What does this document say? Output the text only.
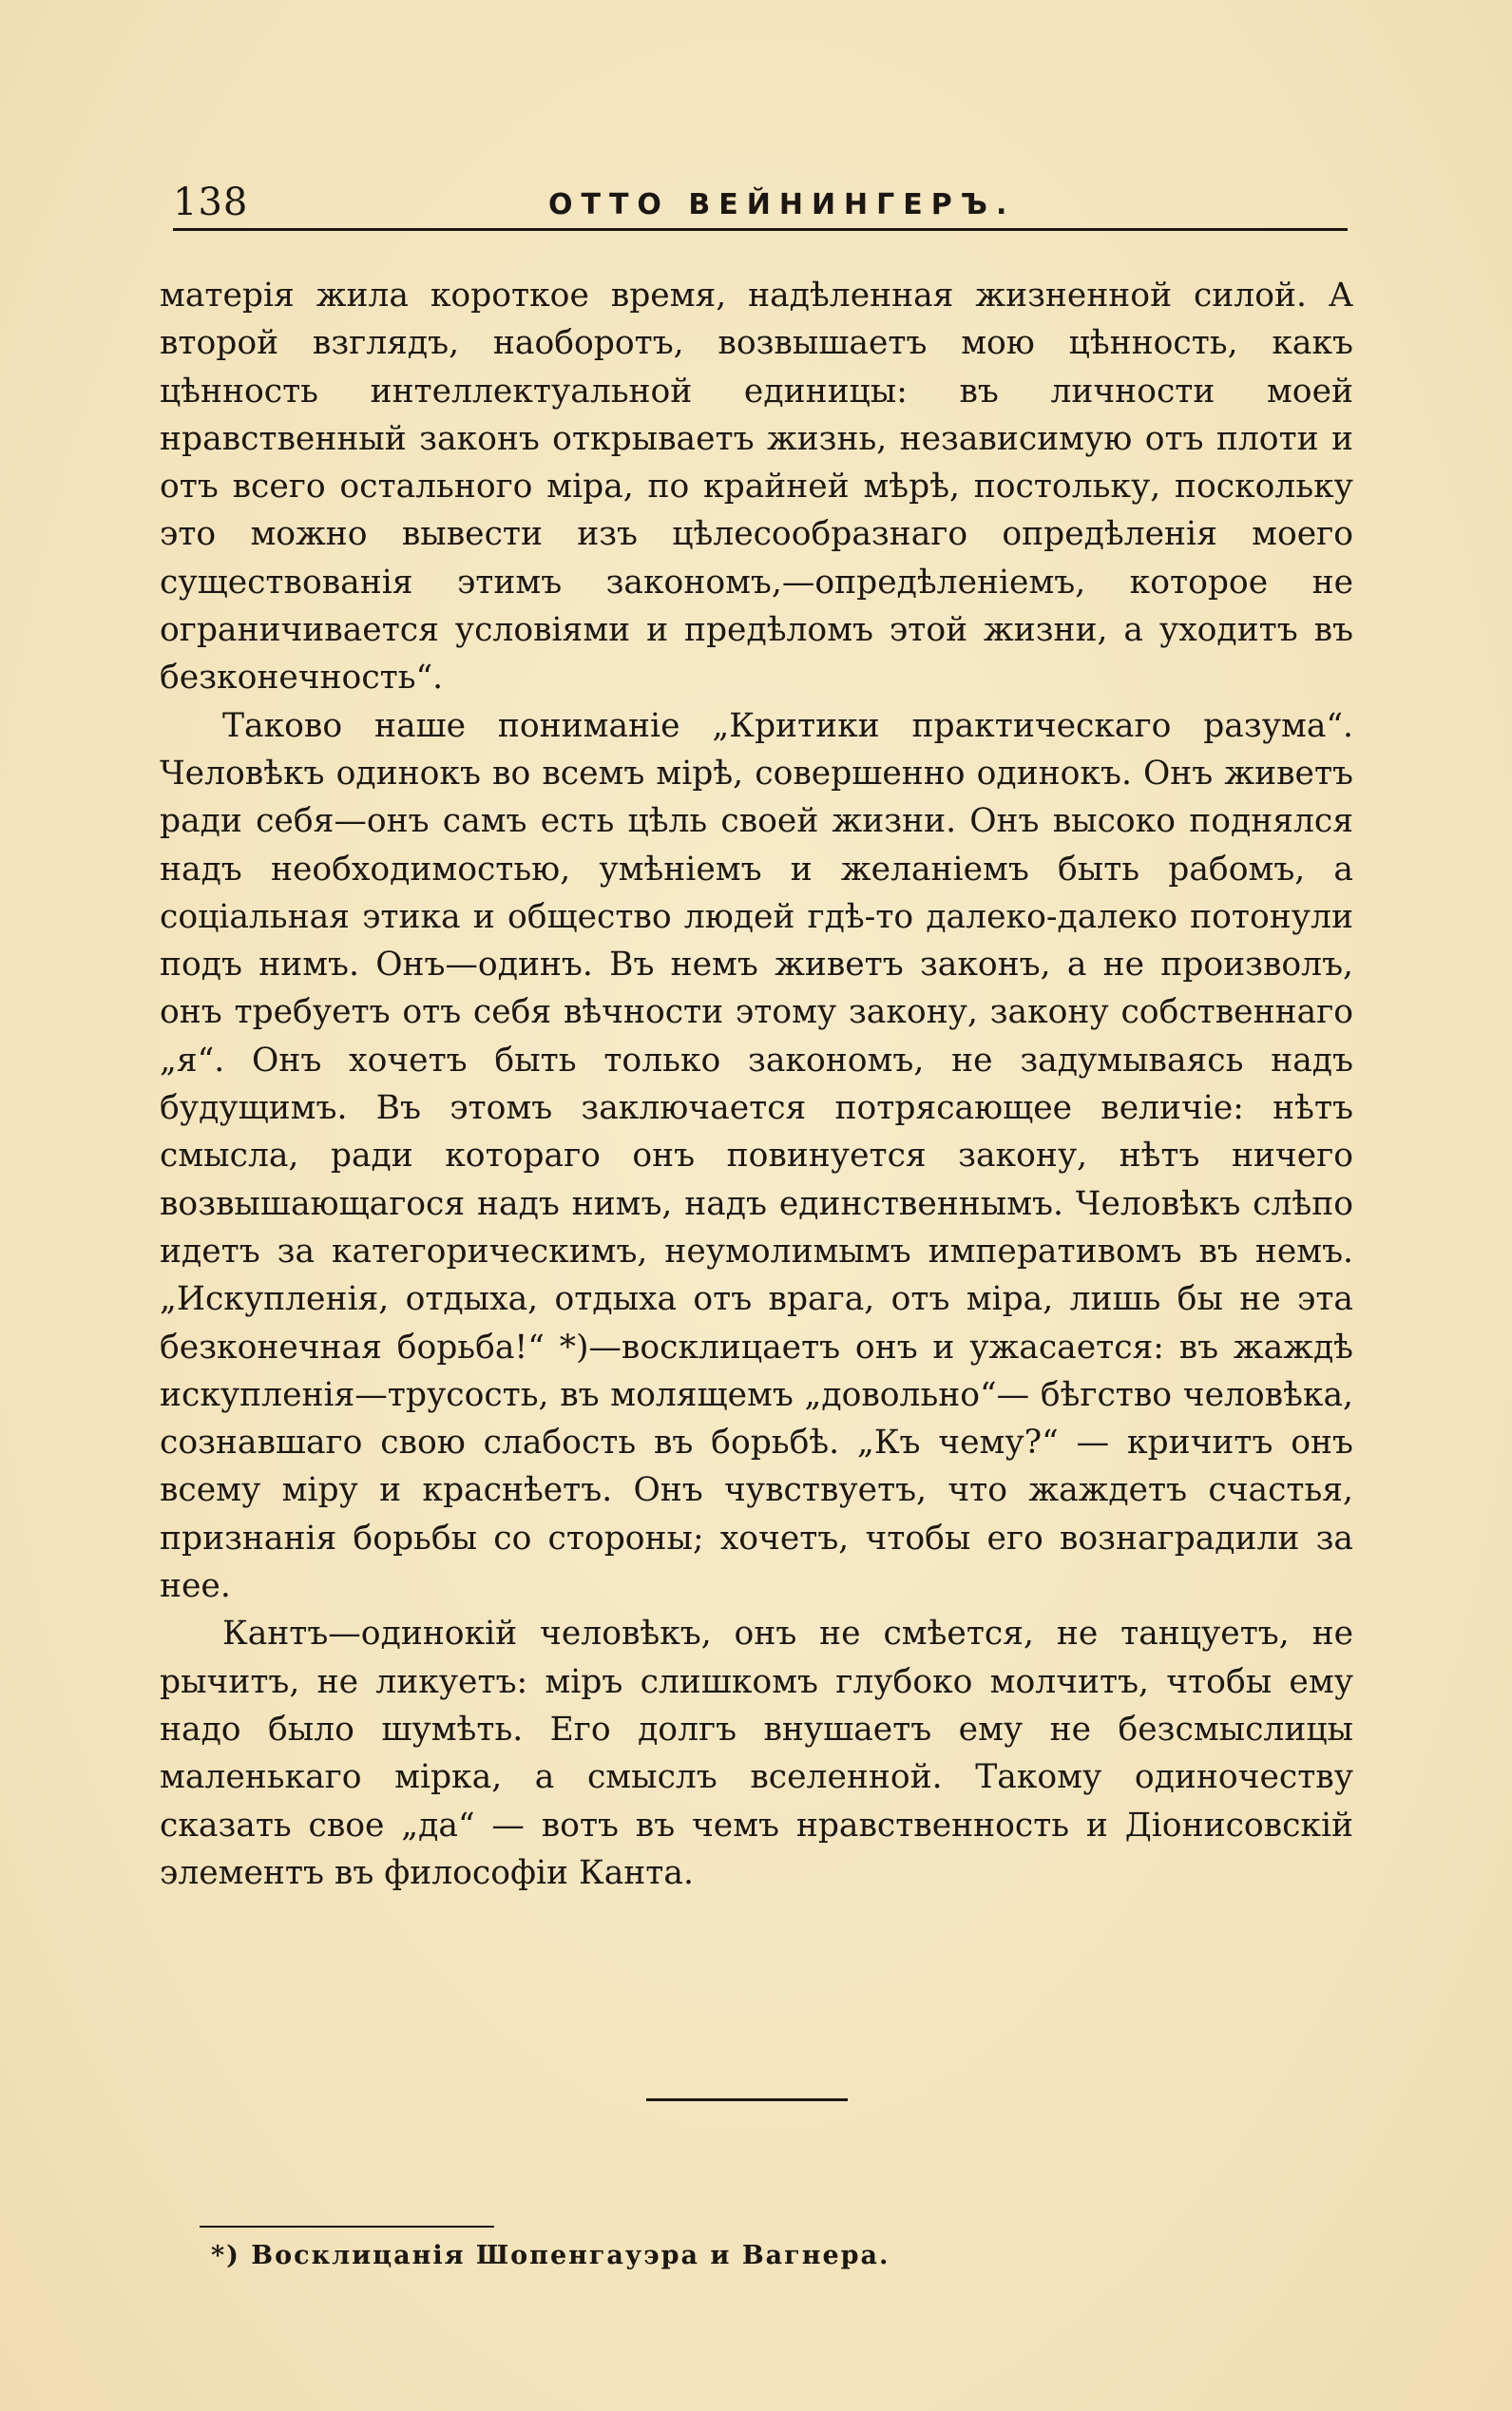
138	ОТТО ВЕЙНИНГЕРЪ.

матерія жила короткое время, надѣленная жизненной силой. А второй взглядъ, наоборотъ, возвышаетъ мою цѣнность, какъ цѣнность интеллектуальной единицы: въ личности моей нравственный законъ открываетъ жизнь, независимую отъ плоти и отъ всего остального міра, по крайней мѣрѣ, постольку, поскольку это можно вывести изъ цѣлесообразнаго опредѣленія моего существованія этимъ закономъ,—опредѣленіемъ, которое не ограничивается условіями и предѣломъ этой жизни, а уходитъ въ безконечность“.

Таково наше пониманіе „Критики практическаго разума“. Человѣкъ одинокъ во всемъ мірѣ, совершенно одинокъ. Онъ живетъ ради себя—онъ самъ есть цѣль своей жизни. Онъ высоко поднялся надъ необходимостью, умѣніемъ и желаніемъ быть рабомъ, а соціальная этика и общество людей гдѣ-то далеко-далеко потонули подъ нимъ. Онъ—одинъ. Въ немъ живетъ законъ, а не произволъ, онъ требуетъ отъ себя вѣчности этому закону, закону собственнаго „я“. Онъ хочетъ быть только закономъ, не задумываясь надъ будущимъ. Въ этомъ заключается потрясающее величіе: нѣтъ смысла, ради котораго онъ повинуется закону, нѣтъ ничего возвышающагося надъ нимъ, надъ единственнымъ. Человѣкъ слѣпо идетъ за категорическимъ, неумолимымъ императивомъ въ немъ. „Искупленія, отдыха, отдыха отъ врага, отъ міра, лишь бы не эта безконечная борьба!“ *)—восклицаетъ онъ и ужасается: въ жаждѣ искупленія—трусость, въ молящемъ „довольно“— бѣгство человѣка, сознавшаго свою слабость въ борьбѣ. „Къ чему?“ — кричитъ онъ всему міру и краснѣетъ. Онъ чувствуетъ, что жаждетъ счастья, признанія борьбы со стороны; хочетъ, чтобы его вознаградили за нее.

Кантъ—одинокій человѣкъ, онъ не смѣется, не танцуетъ, не рычитъ, не ликуетъ: міръ слишкомъ глубоко молчитъ, чтобы ему надо было шумѣть. Его долгъ внушаетъ ему не безсмыслицы маленькаго мірка, а смыслъ вселенной. Такому одиночеству сказать свое „да“ — вотъ въ чемъ нравственность и Діонисовскій элементъ въ философіи Канта.

*) Восклицанія Шопенгауэра и Вагнера.
